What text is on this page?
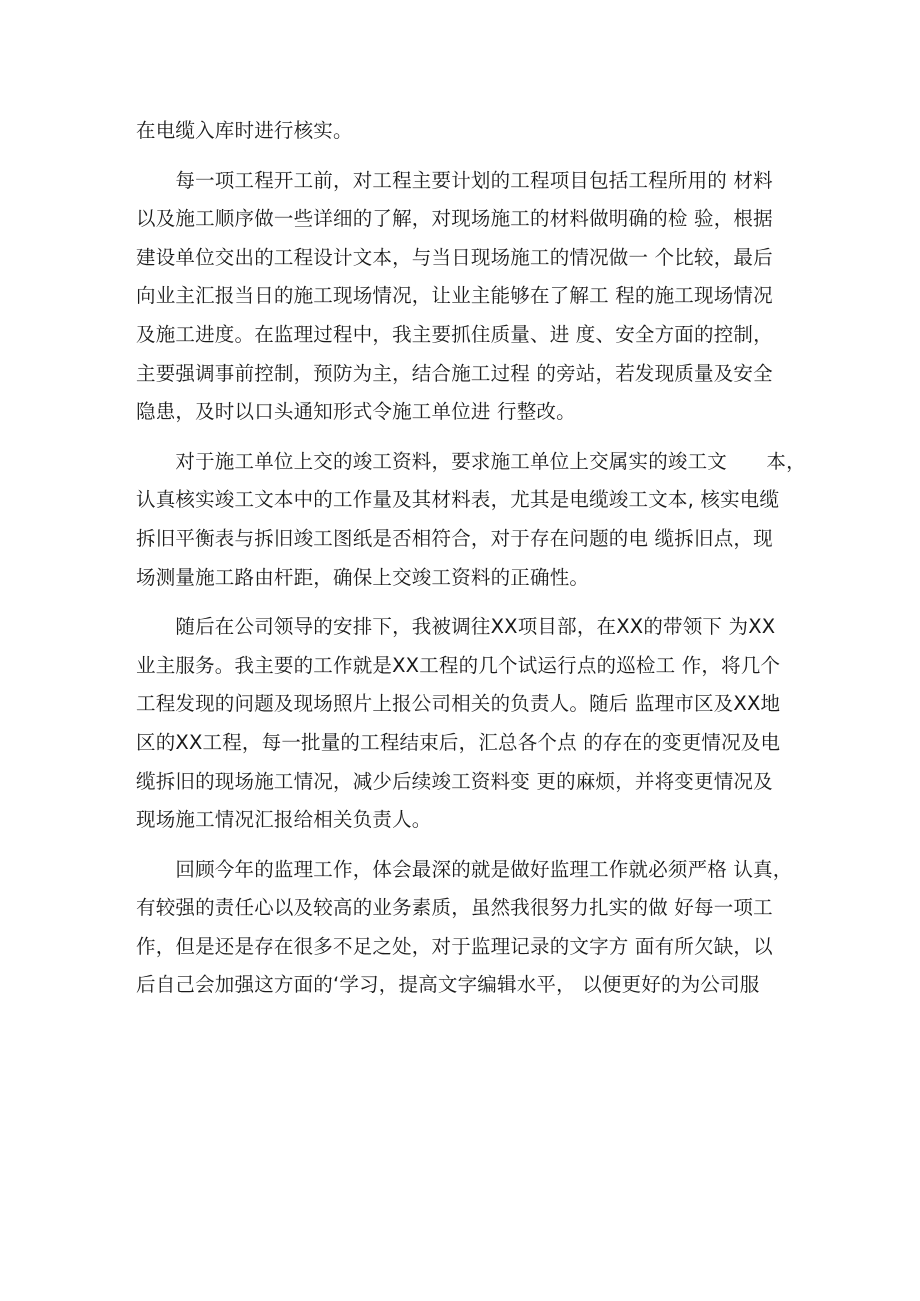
在电缆入库时进行核实。
　　每一项工程开工前，对工程主要计划的工程项目包括工程所用的 材料
以及施工顺序做一些详细的了解，对现场施工的材料做明确的检 验，根据
建设单位交出的工程设计文本，与当日现场施工的情况做一 个比较，最后
向业主汇报当日的施工现场情况，让业主能够在了解工 程的施工现场情况
及施工进度。在监理过程中，我主要抓住质量、进 度、安全方面的控制，
主要强调事前控制，预防为主，结合施工过程 的旁站，若发现质量及安全
隐患，及时以口头通知形式令施工单位进 行整改。
　　对于施工单位上交的竣工资料，要求施工单位上交属实的竣工文　　本，
认真核实竣工文本中的工作量及其材料表，尤其是电缆竣工文本, 核实电缆
拆旧平衡表与拆旧竣工图纸是否相符合，对于存在问题的电 缆拆旧点，现
场测量施工路由杆距，确保上交竣工资料的正确性。
　　随后在公司领导的安排下，我被调往XX项目部，在XX的带领下 为XX
业主服务。我主要的工作就是XX工程的几个试运行点的巡检工 作，将几个
工程发现的问题及现场照片上报公司相关的负责人。随后 监理市区及XX地
区的XX工程，每一批量的工程结束后，汇总各个点 的存在的变更情况及电
缆拆旧的现场施工情况，减少后续竣工资料变 更的麻烦，并将变更情况及
现场施工情况汇报给相关负责人。
　　回顾今年的监理工作，体会最深的就是做好监理工作就必须严格 认真，
有较强的责任心以及较高的业务素质，虽然我很努力扎实的做 好每一项工
作，但是还是存在很多不足之处，对于监理记录的文字方 面有所欠缺，以
后自己会加强这方面的‘学习，提高文字编辑水平， 以便更好的为公司服
